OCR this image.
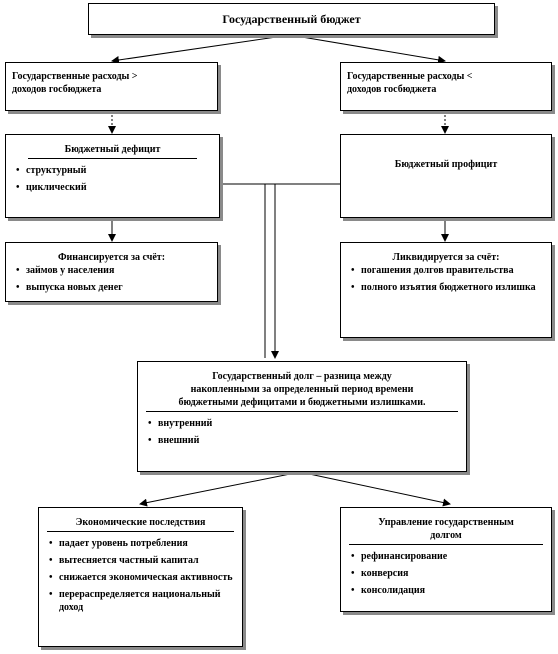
Государственный бюджет
Государственные расходы >
доходов госбюджета
Государственные расходы <
доходов госбюджета
Бюджетный дефицит
• структурный
• циклический
Бюджетный профицит
Финансируется за счёт:
• займов у населения
• выпуска новых денег
Ликвидируется за счёт:
• погашения долгов правительства
• полного изъятия бюджетного излишка
Государственный долг – разница между
накопленными за определенный период времени
бюджетными дефицитами и бюджетными излишками.
• внутренний
• внешний
Экономические последствия
• падает уровень потребления
• вытесняется частный капитал
• снижается экономическая активность
• перераспределяется национальный доход
Управление государственным
долгом
• рефинансирование
• конверсия
• консолидация
